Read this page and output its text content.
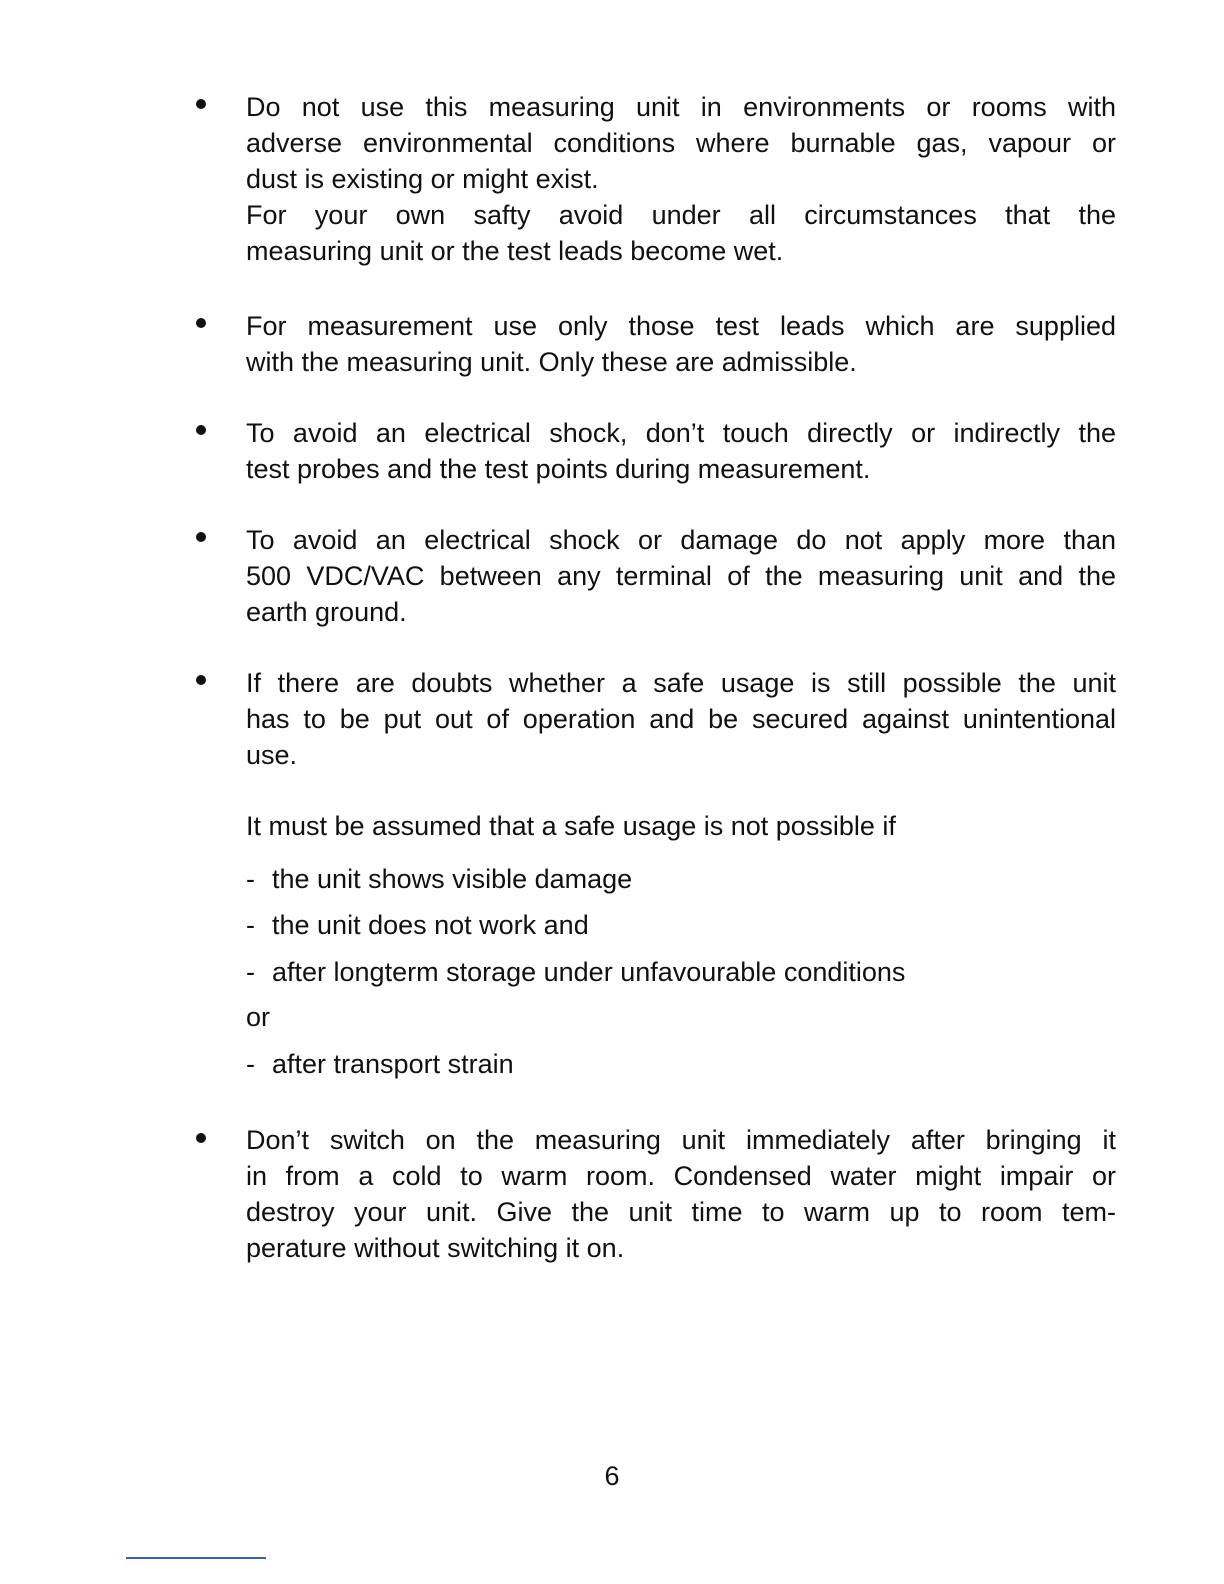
Do not use this measuring unit in environments or rooms with
adverse environmental conditions where burnable gas, vapour or
dust is existing or might exist.
For your own safty avoid under all circumstances that the
measuring unit or the test leads become wet.
For measurement use only those test leads which are supplied
with the measuring unit. Only these are admissible.
To avoid an electrical shock, don’t touch directly or indirectly the
test probes and the test points during measurement.
To avoid an electrical shock or damage do not apply more than
500 VDC/VAC between any terminal of the measuring unit and the
earth ground.
If there are doubts whether a safe usage is still possible the unit
has to be put out of operation and be secured against unintentional
use.
It must be assumed that a safe usage is not possible if
- the unit shows visible damage
- the unit does not work and
- after longterm storage under unfavourable conditions
or
- after transport strain
Don’t switch on the measuring unit immediately after bringing it
in from a cold to warm room. Condensed water might impair or
destroy your unit. Give the unit time to warm up to room tem-
perature without switching it on.
6
